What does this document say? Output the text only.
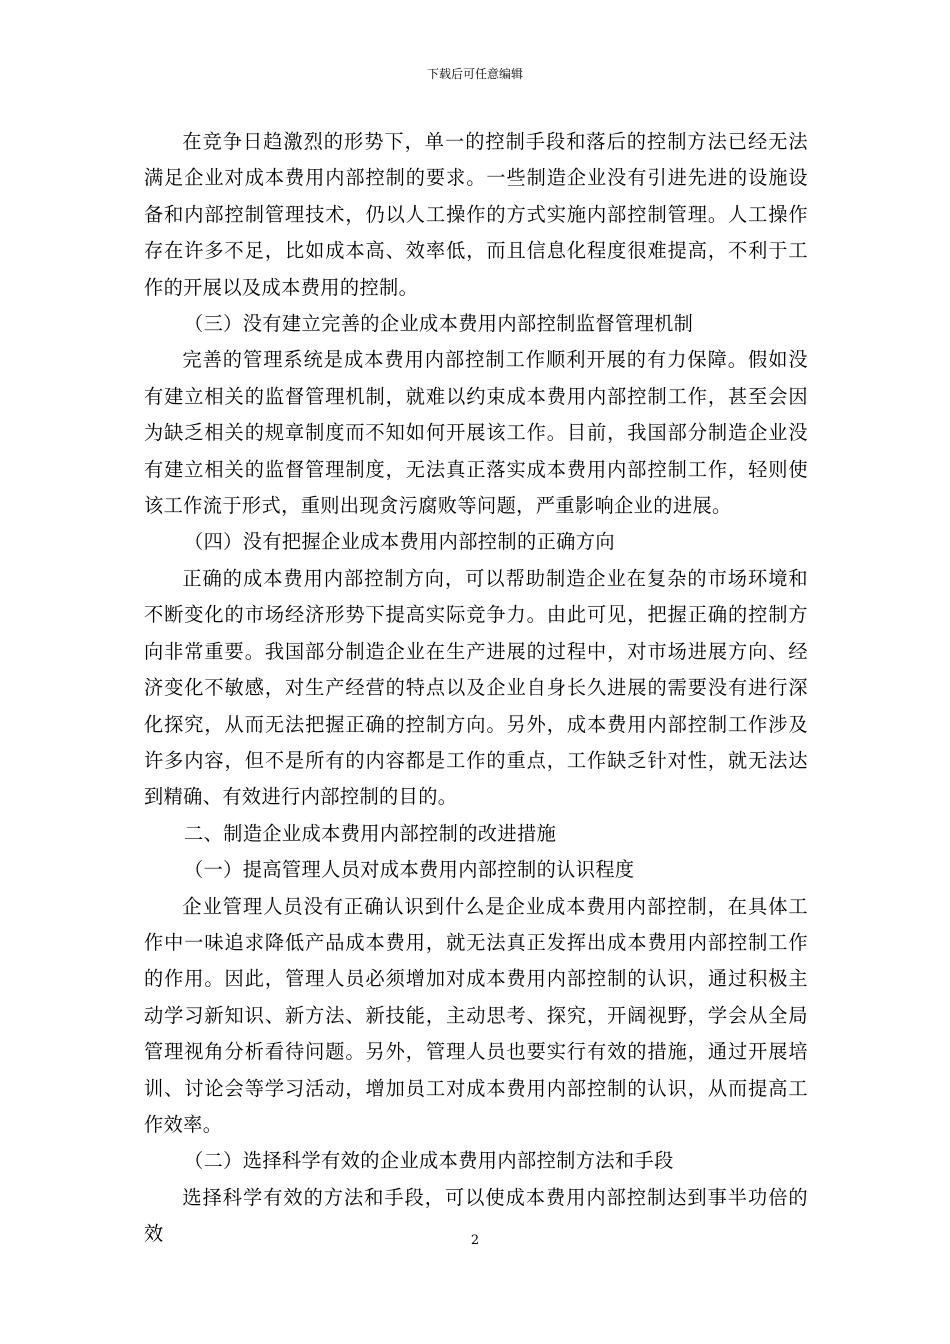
下载后可任意编辑

在竞争日趋激烈的形势下，单一的控制手段和落后的控制方法已经无法满足企业对成本费用内部控制的要求。一些制造企业没有引进先进的设施设备和内部控制管理技术，仍以人工操作的方式实施内部控制管理。人工操作存在许多不足，比如成本高、效率低，而且信息化程度很难提高，不利于工作的开展以及成本费用的控制。

（三）没有建立完善的企业成本费用内部控制监督管理机制

完善的管理系统是成本费用内部控制工作顺利开展的有力保障。假如没有建立相关的监督管理机制，就难以约束成本费用内部控制工作，甚至会因为缺乏相关的规章制度而不知如何开展该工作。目前，我国部分制造企业没有建立相关的监督管理制度，无法真正落实成本费用内部控制工作，轻则使该工作流于形式，重则出现贪污腐败等问题，严重影响企业的进展。

（四）没有把握企业成本费用内部控制的正确方向

正确的成本费用内部控制方向，可以帮助制造企业在复杂的市场环境和不断变化的市场经济形势下提高实际竞争力。由此可见，把握正确的控制方向非常重要。我国部分制造企业在生产进展的过程中，对市场进展方向、经济变化不敏感，对生产经营的特点以及企业自身长久进展的需要没有进行深化探究，从而无法把握正确的控制方向。另外，成本费用内部控制工作涉及许多内容，但不是所有的内容都是工作的重点，工作缺乏针对性，就无法达到精确、有效进行内部控制的目的。

二、制造企业成本费用内部控制的改进措施

（一）提高管理人员对成本费用内部控制的认识程度

企业管理人员没有正确认识到什么是企业成本费用内部控制，在具体工作中一味追求降低产品成本费用，就无法真正发挥出成本费用内部控制工作的作用。因此，管理人员必须增加对成本费用内部控制的认识，通过积极主动学习新知识、新方法、新技能，主动思考、探究，开阔视野，学会从全局管理视角分析看待问题。另外，管理人员也要实行有效的措施，通过开展培训、讨论会等学习活动，增加员工对成本费用内部控制的认识，从而提高工作效率。

（二）选择科学有效的企业成本费用内部控制方法和手段

选择科学有效的方法和手段，可以使成本费用内部控制达到事半功倍的效	2
